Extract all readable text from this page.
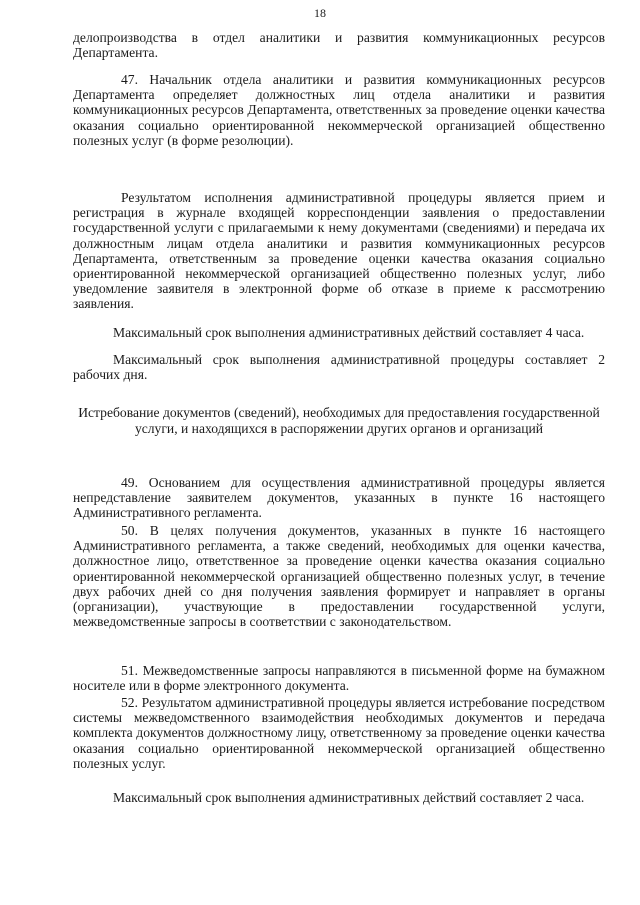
18

делопроизводства в отдел аналитики и развития коммуникационных ресурсов Департамента.

47. Начальник отдела аналитики и развития коммуникационных ресурсов Департамента определяет должностных лиц отдела аналитики и развития коммуникационных ресурсов Департамента, ответственных за проведение оценки качества оказания социально ориентированной некоммерческой организацией общественно полезных услуг (в форме резолюции).

Результатом исполнения административной процедуры является прием и регистрация в журнале входящей корреспонденции заявления о предоставлении государственной услуги с прилагаемыми к нему документами (сведениями) и передача их должностным лицам отдела аналитики и развития коммуникационных ресурсов Департамента, ответственным за проведение оценки качества оказания социально ориентированной некоммерческой организацией общественно полезных услуг, либо уведомление заявителя в электронной форме об отказе в приеме к рассмотрению заявления.

Максимальный срок выполнения административных действий составляет 4 часа.

Максимальный срок выполнения административной процедуры составляет 2 рабочих дня.

Истребование документов (сведений), необходимых для предоставления государственной услуги, и находящихся в распоряжении других органов и организаций

49. Основанием для осуществления административной процедуры является непредставление заявителем документов, указанных в пункте 16 настоящего Административного регламента.

50. В целях получения документов, указанных в пункте 16 настоящего Административного регламента, а также сведений, необходимых для оценки качества, должностное лицо, ответственное за проведение оценки качества оказания социально ориентированной некоммерческой организацией общественно полезных услуг, в течение двух рабочих дней со дня получения заявления формирует и направляет в органы (организации), участвующие в предоставлении государственной услуги, межведомственные запросы в соответствии с законодательством.

51. Межведомственные запросы направляются в письменной форме на бумажном носителе или в форме электронного документа.

52. Результатом административной процедуры является истребование посредством системы межведомственного взаимодействия необходимых документов и передача комплекта документов должностному лицу, ответственному за проведение оценки качества оказания социально ориентированной некоммерческой организацией общественно полезных услуг.

Максимальный срок выполнения административных действий составляет 2 часа.
